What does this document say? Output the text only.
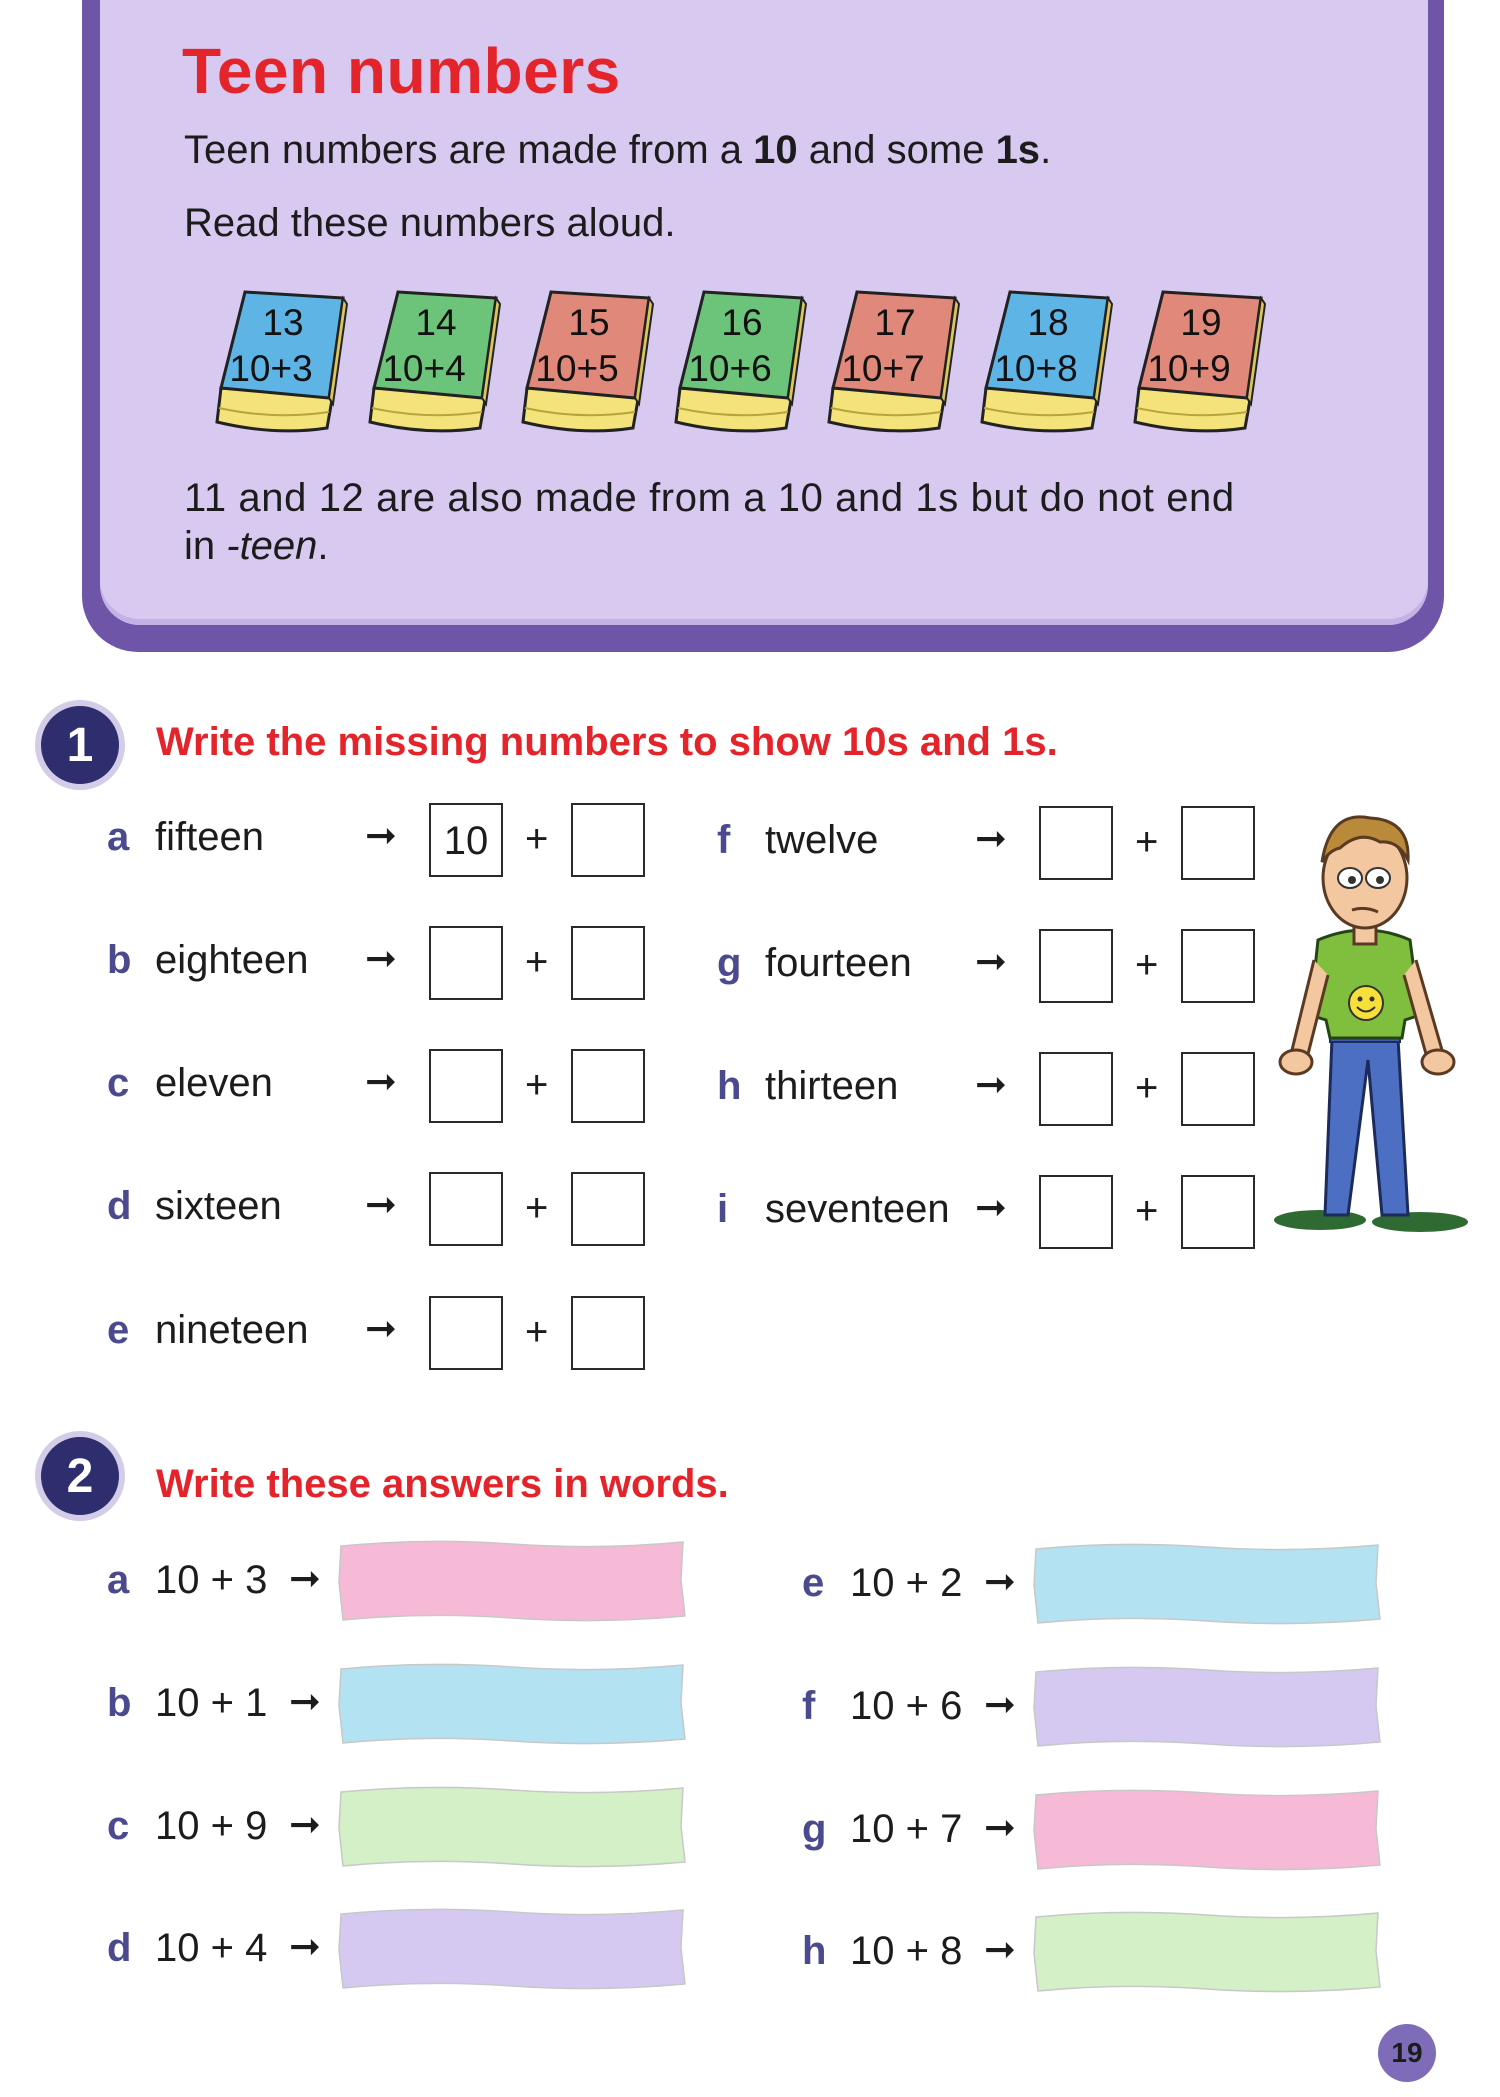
Teen numbers
Teen numbers are made from a 10 and some 1s.
Read these numbers aloud.
13
10+3
14
10+4
15
10+5
16
10+6
17
10+7
18
10+8
19
10+9
11 and 12 are also made from a 10 and 1s but do not end
in -teen.
1	Write the missing numbers to show 10s and 1s.
a fifteen	➞	10 +
b eighteen ➞	+
c eleven ➞	+
d sixteen ➞	+
e nineteen ➞	+
f twelve	➞	+
g fourteen ➞	+
h thirteen ➞	+
i seventeen ➞	+
2	Write these answers in words.
a 10 + 3 ➞
b 10 + 1 ➞
c 10 + 9 ➞
d 10 + 4 ➞
e 10 + 2 ➞
f 10 + 6 ➞
g 10 + 7 ➞
h 10 + 8 ➞
19
